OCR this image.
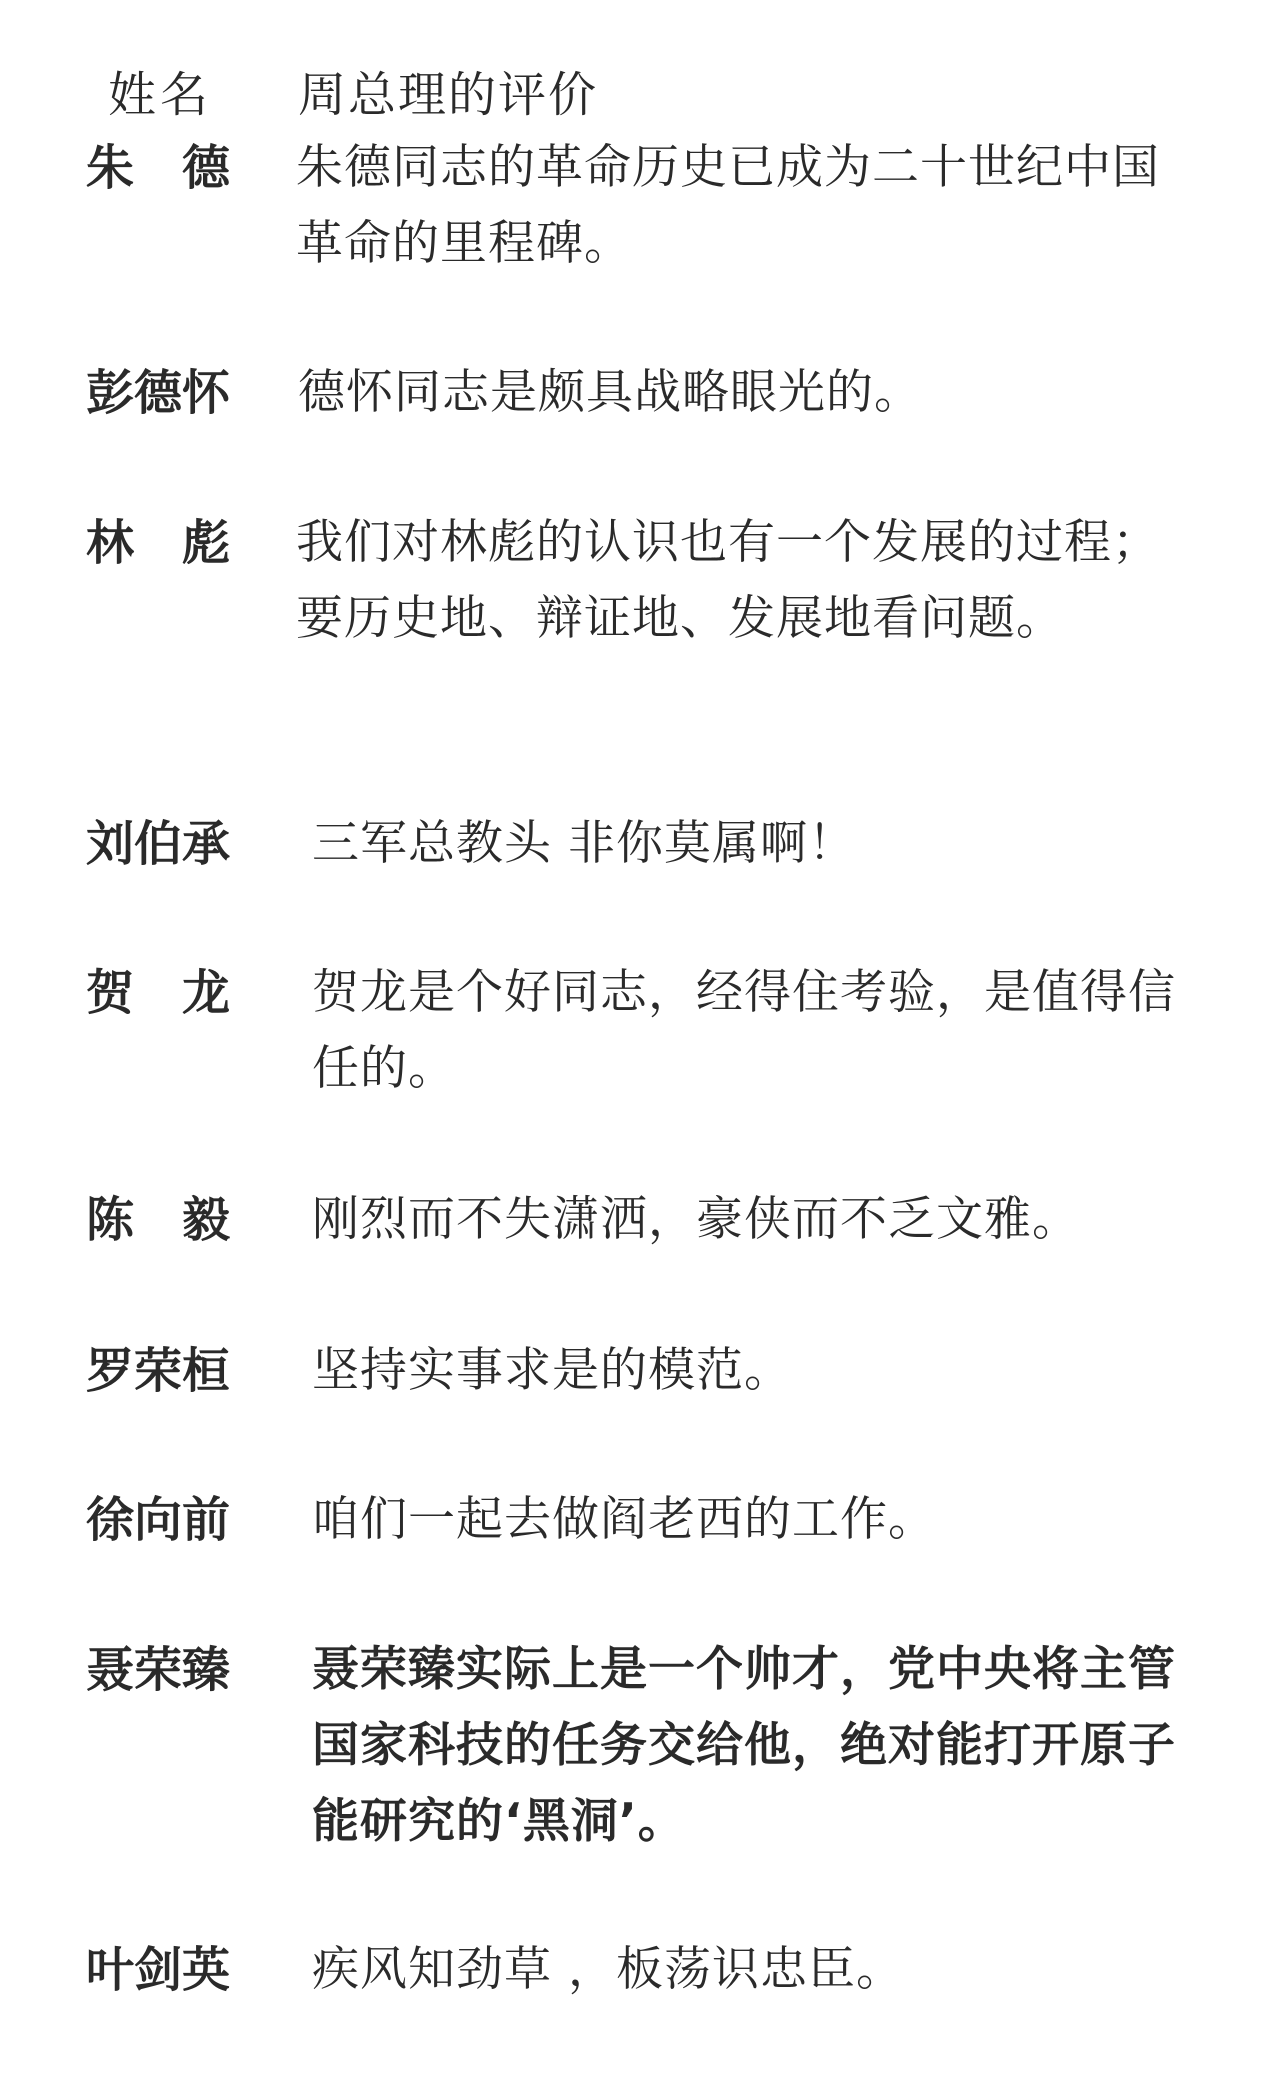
姓名 周总理的评价
朱德 朱德同志的革命历史已成为二十世纪中国革命的里程碑。
彭德怀	德怀同志是颇具战略眼光的。
林彪 我们对林彪的认识也有一个发展的过程；要历史地、辩证地、发展地看问题。
刘伯承	三军总教头 非你莫属啊！
贺龙 贺龙是个好同志，经得住考验，是值得信任的。
陈毅 刚烈而不失潇洒，豪侠而不乏文雅。
罗荣桓	坚持实事求是的模范。
徐向前	咱们一起去做阎老西的工作。
聂荣臻	聂荣臻实际上是一个帅才，党中央将主管国家科技的任务交给他，绝对能打开原子能研究的‘黑洞’。
叶剑英	疾风知劲草 ，板荡识忠臣。
